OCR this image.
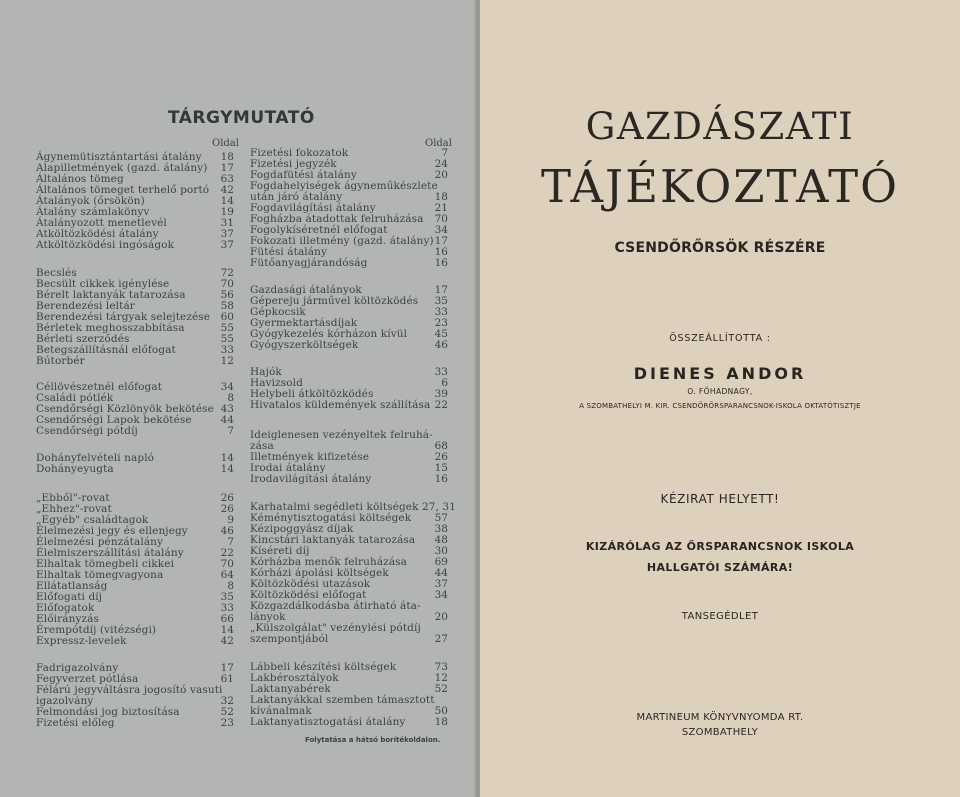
TÁRGYMUTATÓ
Oldal	Oldal
Ágynemütisztántartási átalány	18
Alapilletmények (gazd. átalány)	17
Általános tömeg	63
Általános tömeget terhelő portó	42
Átalányok (őrsökön)	14
Átalány számlakönyv	19
Átalányozott menetlevél	31
Atköltözködési átalány	37
Atköltözködési ingóságok	37
Becslés	72
Becsült cikkek igénylése	70
Bérelt laktanyák tatarozása	56
Berendezési leltár	58
Berendezési tárgyak selejtezése	60
Bérletek meghosszabbítása	55
Bérleti szerződés	55
Betegszállításnál előfogat	33
Bútorbér	12
Céllövészetnél előfogat	34
Családi pótlék	8
Csendőrségi Közlönyök bekötése 43
Csendőrségi Lapok bekötése	44
Csendőrségi pótdíj	7
Dohányfelvételi napló	14
Dohányeyugta	14
„Ebből"-rovat	26
„Ehhez"-rovat	26
„Egyéb" családtagok	9
Élelmezési jegy és ellenjegy	46
Élelmezési pénzátalány	7
Élelmiszerszállítási átalány	22
Elhaltak tömegbeli cikkei	70
Elhaltak tömegvagyona	64
Ellátatlanság	8
Előfogati díj	35
Előfogatok	33
Előirányzás	66
Érempótdíj (vitézségi)	14
Expressz-levelek	42
Fadrigazolvány	17
Fegyverzet pótlása	61
Félárú jegyváltásra jogosító vasuti
igazolvány	32
Felmondási jog biztosítása	52
Fizetési előleg	23
Fizetési fokozatok	7
Fizetési jegyzék	24
Fogdafütési átalány	20
Fogdahelyiségek ágyneműkészlete
után járó átalány	18
Fogdavilágítási átalány	21
Fogházba átadottak felruházása	70
Fogolykíséretnél előfogat	34
Fokozati illetmény (gazd. átalány) 17
Fütési átalány	16
Fütőanyagjárandóság	16
Gazdasági átalányok	17
Gépereju járművel költözködés	35
Gépkocsik	33
Gyermektartásdíjak	23
Gyógykezelés kórházon kívül	45
Gyógyszerköltségek	46
Hajók	33
Havizsold	6
Helybeli átköltözködés	39
Hivatalos küldemények szállítása 22
Ideiglenesen vezényeltek felruhá-
zása	68
Illetmények kifizetése	26
Irodai átalány	15
Irodavilágítási átalány	16
Karhatalmi segédleti költségek 27, 31
Kéménytisztogatási költségek	57
Kézipoggyász díjak	38
Kincstári laktanyák tatarozása	48
Kíséreti díj	30
Kórházba menők felruházása	69
Kórházi ápolási költségek	44
Költözködési utazások	37
Költözködési előfogat	34
Közgazdálkodásba átirható áta-
lányok	20
„Külszolgálat" vezénylési pótdíj
szempontjából	27
Lábbeli készítési költségek	73
Lakbérosztályok	12
Laktanyabérek	52
Laktanyákkal szemben támasztott
kívánalmak	50
Laktanyatisztogatási átalány	18
Folytatása a hátsó borítékoldalon.
GAZDÁSZATI
TÁJÉKOZTATÓ
CSENDŐRŐRSÖK RÉSZÉRE
ÖSSZEÁLLÍTOTTA :
DIENES ANDOR
O. FŐHADNAGY,
A SZOMBATHELYI M. KIR. CSENDŐRŐRSPARANCSNOK-ISKOLA OKTATÓTISZTJE
KÉZIRAT HELYETT!
KIZÁRÓLAG AZ ŐRSPARANCSNOK ISKOLA
HALLGATÓI SZÁMÁRA!
TANSEGÉDLET
MARTINEUM KÖNYVNYOMDA RT.
SZOMBATHELY
